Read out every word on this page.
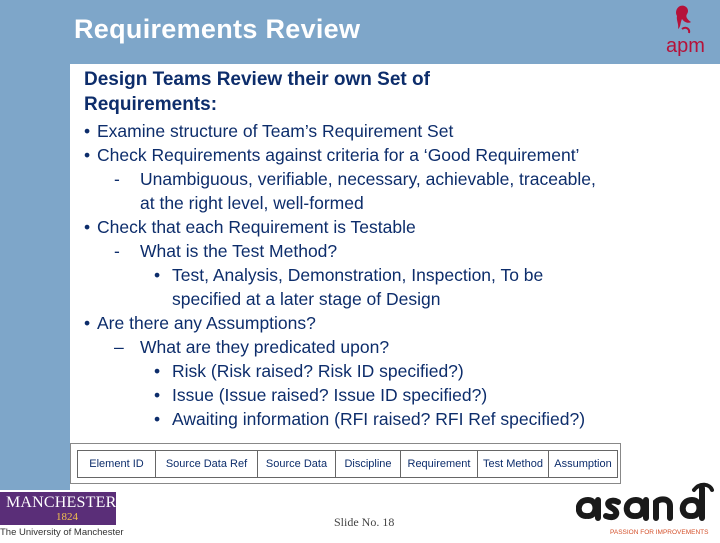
Requirements Review
apm
Design Teams Review their own Set of
Requirements:
• Examine structure of Team’s Requirement Set
• Check Requirements against criteria for a ‘Good Requirement’
- Unambiguous, verifiable, necessary, achievable, traceable,
at the right level, well-formed
• Check that each Requirement is Testable
- What is the Test Method?
• Test, Analysis, Demonstration, Inspection, To be
specified at a later stage of Design
• Are there any Assumptions?
– What are they predicated upon?
• Risk (Risk raised? Risk ID specified?)
• Issue (Issue raised? Issue ID specified?)
• Awaiting information (RFI raised? RFI Ref specified?)
Element ID	Source Data Ref	Source Data	Discipline	Requirement	Test Method	Assumption
MANCHESTER
1824
The University of Manchester
Slide No. 18
PASSION FOR IMPROVEMENTS
